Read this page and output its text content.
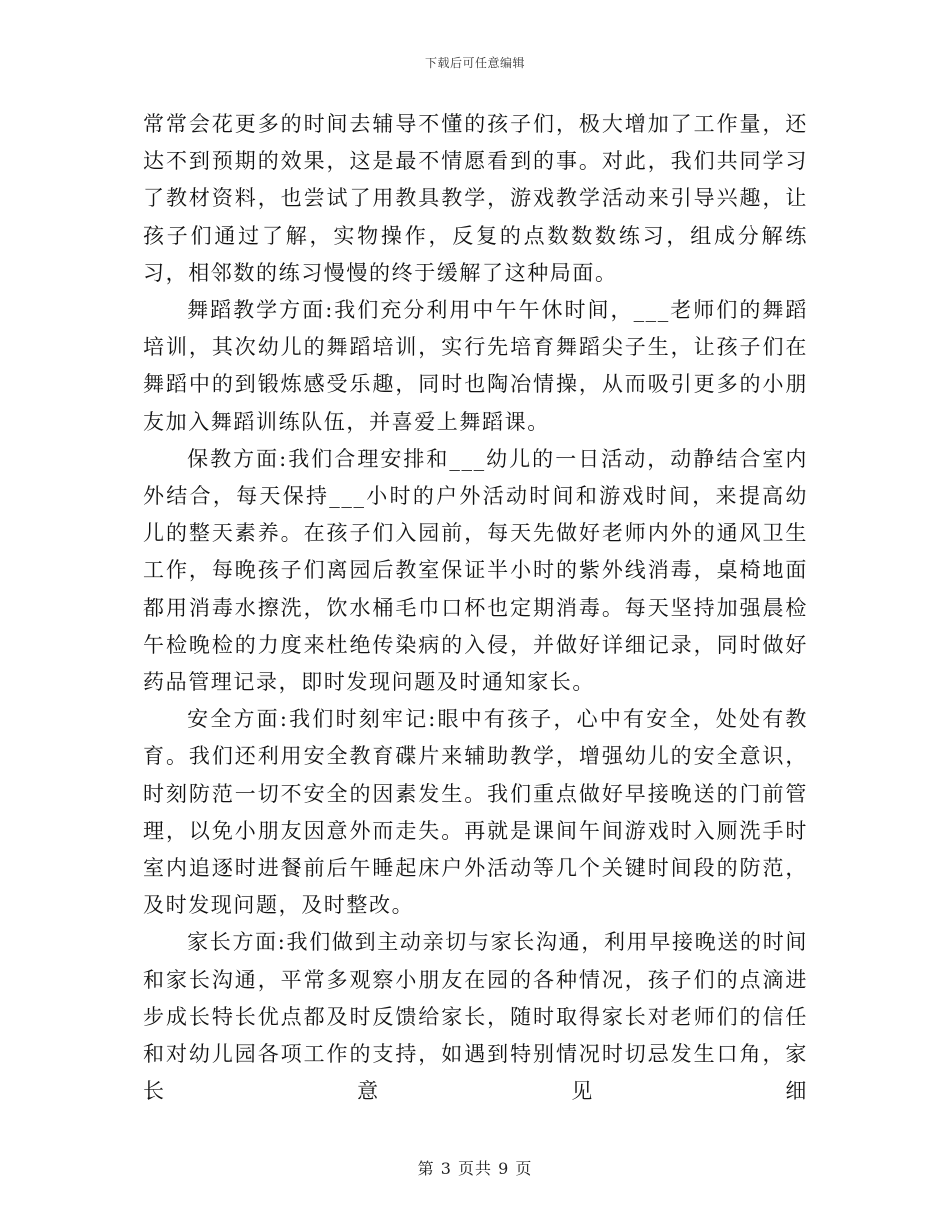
下载后可任意编辑

常常会花更多的时间去辅导不懂的孩子们，极大增加了工作量，还达不到预期的效果，这是最不情愿看到的事。对此，我们共同学习了教材资料，也尝试了用教具教学，游戏教学活动来引导兴趣，让孩子们通过了解，实物操作，反复的点数数数练习，组成分解练习，相邻数的练习慢慢的终于缓解了这种局面。

舞蹈教学方面:我们充分利用中午午休时间，___老师们的舞蹈培训，其次幼儿的舞蹈培训，实行先培育舞蹈尖子生，让孩子们在舞蹈中的到锻炼感受乐趣，同时也陶冶情操，从而吸引更多的小朋友加入舞蹈训练队伍，并喜爱上舞蹈课。

保教方面:我们合理安排和___幼儿的一日活动，动静结合室内外结合，每天保持___小时的户外活动时间和游戏时间，来提高幼儿的整天素养。在孩子们入园前，每天先做好老师内外的通风卫生工作，每晚孩子们离园后教室保证半小时的紫外线消毒，桌椅地面都用消毒水擦洗，饮水桶毛巾口杯也定期消毒。每天坚持加强晨检午检晚检的力度来杜绝传染病的入侵，并做好详细记录，同时做好药品管理记录，即时发现问题及时通知家长。

安全方面:我们时刻牢记:眼中有孩子，心中有安全，处处有教育。我们还利用安全教育碟片来辅助教学，增强幼儿的安全意识，时刻防范一切不安全的因素发生。我们重点做好早接晚送的门前管理，以免小朋友因意外而走失。再就是课间午间游戏时入厕洗手时室内追逐时进餐前后午睡起床户外活动等几个关键时间段的防范，及时发现问题，及时整改。

家长方面:我们做到主动亲切与家长沟通，利用早接晚送的时间和家长沟通，平常多观察小朋友在园的各种情况，孩子们的点滴进步成长特长优点都及时反馈给家长，随时取得家长对老师们的信任和对幼儿园各项工作的支持，如遇到特别情况时切忌发生口角，家长意见细

第 3 页共 9 页
